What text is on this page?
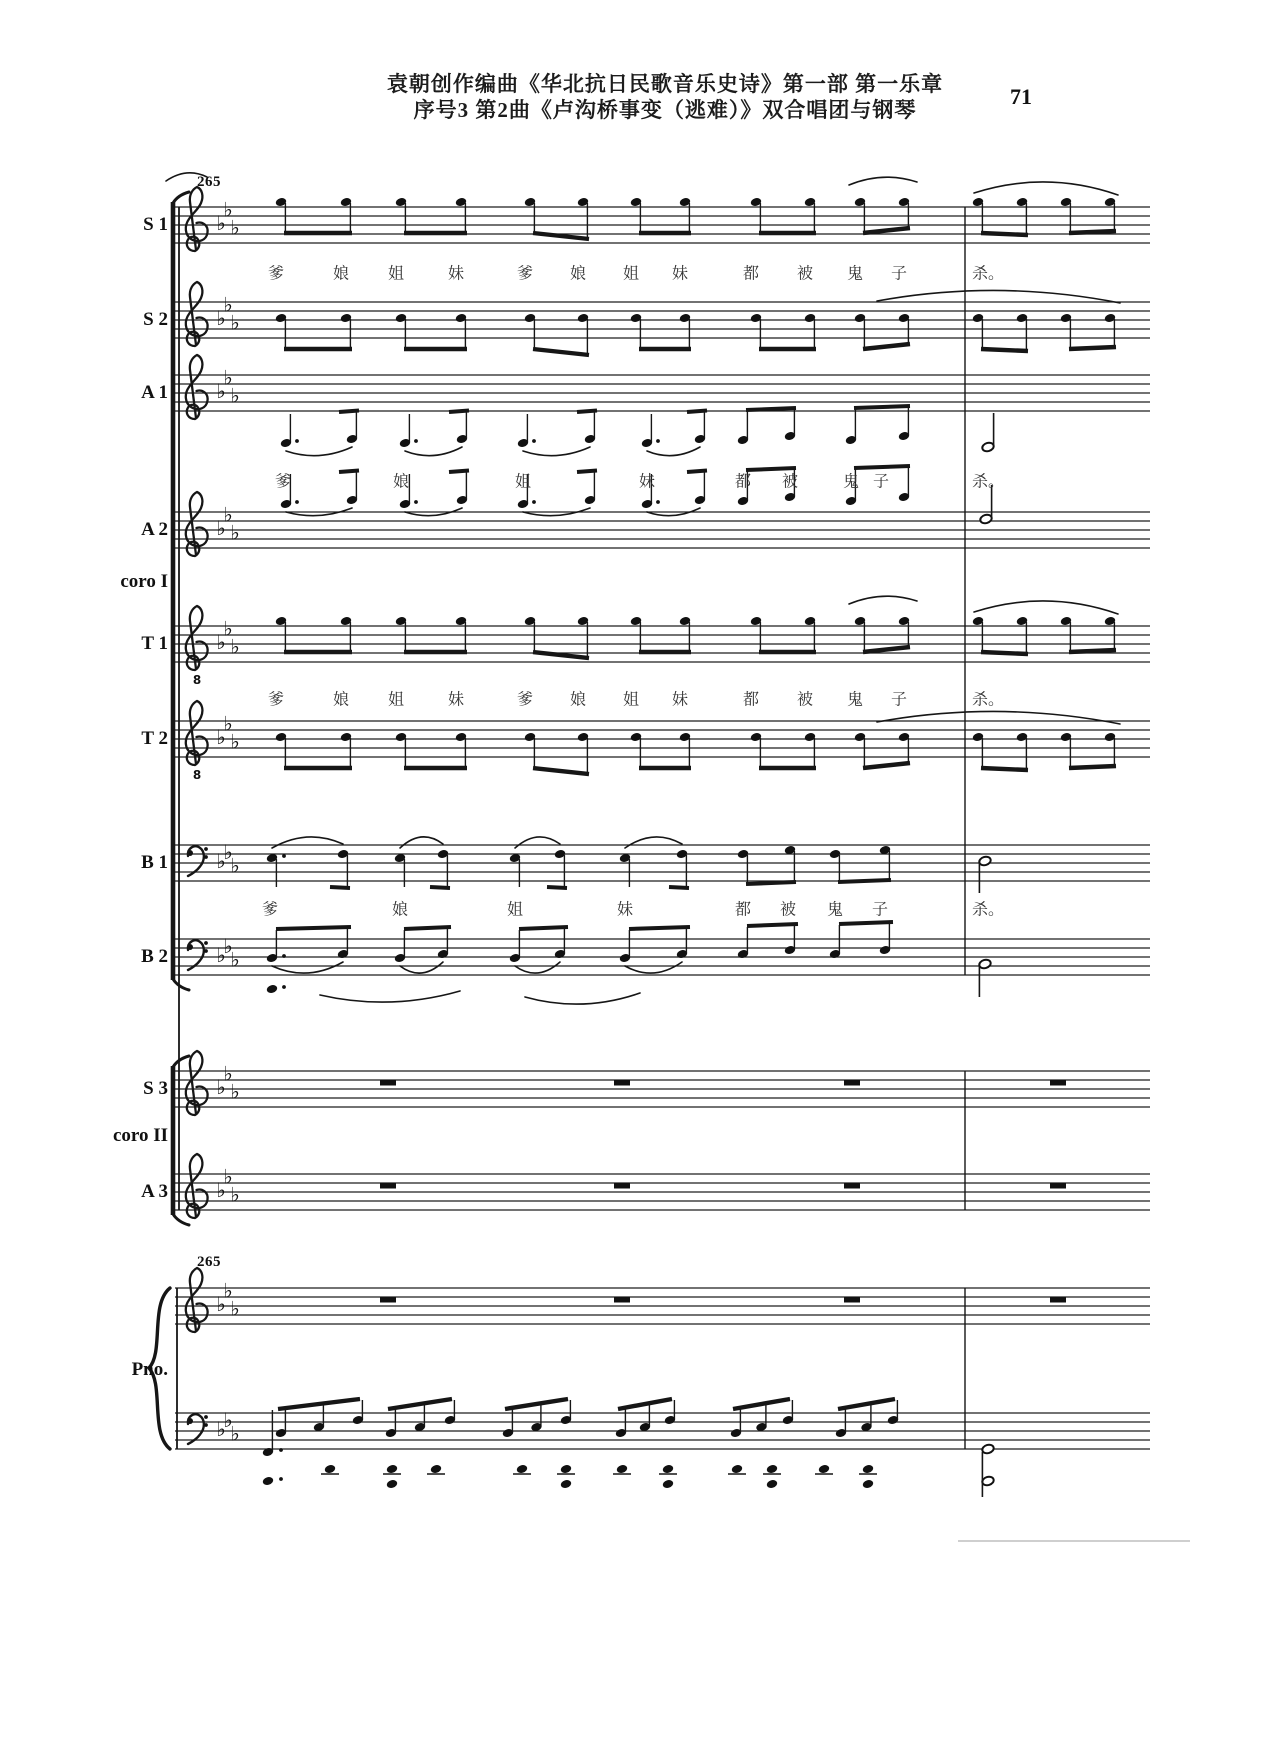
♭
♭
♭
♭
♭
♭
♭
♭
♭
♭
♭
♭
♭
♭
♭
♭
♭
♭
♭
♭
♭
♭
♭
♭
♭
♭
♭
♭
♭
♭
♭
♭
♭
♭
♭
♭
8
8
袁朝创作编曲《华北抗日民歌音乐史诗》第一部 第一乐章
序号3 第2曲《卢沟桥事变（逃难）》双合唱团与钢琴
71
265
265
S 1
S 2
A 1
A 2
coro I
T 1
T 2
B 1
B 2
S 3
coro II
A 3
Pno.
爹	娘 姐	妹	爹 娘 姐 妹	都 被 鬼 子	杀。
爹	娘	姐	妹	都 被	鬼 子	杀。
爹	娘 姐	妹	爹 娘 姐 妹	都 被 鬼 子	杀。
爹	娘	姐	妹	都 被 鬼 子	杀。
